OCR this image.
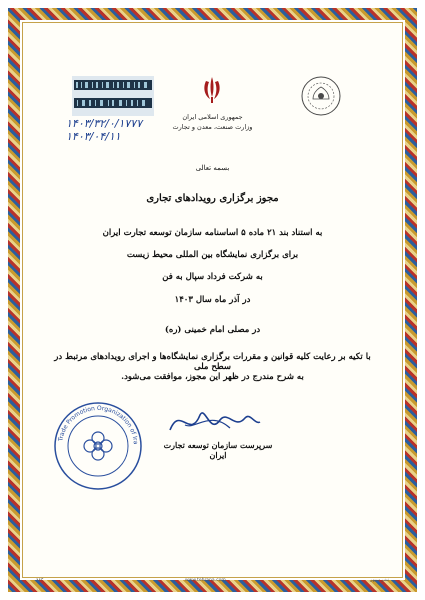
۱۴۰۳/۳۲/۰/۱۷۷۷
۱۴۰۳/۰۴/۱۱
جمهوری اسلامی ایران
وزارت صنعت، معدن و تجارت
بسمه تعالی
مجوز برگزاری رویدادهای تجاری
به استناد بند ۲۱ ماده ۵ اساسنامه سازمان توسعه تجارت ایران
برای برگزاری نمایشگاه بین المللی محیط زیست
به شرکت فرداد سپال به فن
در آذر ماه سال ۱۴۰۳
در مصلی امام خمینی (ره)
با تکیه بر رعایت کلیه قوانین و مقررات برگزاری نمایشگاه‌ها و اجرای رویدادهای مرتبط در سطح ملی
به شرح مندرج در ظهر این مجوز، موافقت می‌شود.
سرپرست سازمان توسعه تجارت ایران
Trade Promotion Organization of Ira
۶۶۳	www.tehrana.com	نشر سپهر
